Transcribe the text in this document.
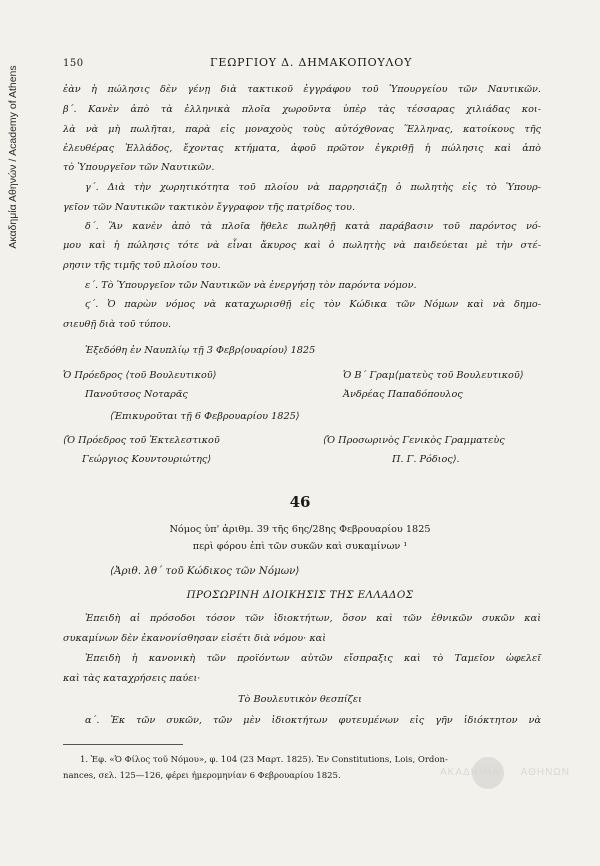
Ακαδημία Αθηνών / Academy of Athens
150	ΓΕΩΡΓΙΟΥ Δ. ΔΗΜΑΚΟΠΟΥΛΟΥ
ἐὰν ἡ πώλησις δὲν γένῃ διὰ τακτικοῦ ἐγγράφου τοῦ Ὑπουργείου τῶν Ναυτικῶν.
β΄. Κανὲν ἀπὸ τὰ ἑλληνικὰ πλοῖα χωροῦντα ὑπὲρ τὰς τέσσαρας χιλιάδας κοι-
λὰ νὰ μὴ πωλῆται, παρὰ εἰς μοναχοὺς τοὺς αὐτόχθονας Ἕλληνας, κατοίκους τῆς
ἐλευθέρας Ἑλλάδος, ἔχοντας κτήματα, ἀφοῦ πρῶτον ἐγκριθῇ ἡ πώλησις καὶ ἀπὸ
τὸ Ὑπουργεῖον τῶν Ναυτικῶν.
γ΄. Διὰ τὴν χωρητικότητα τοῦ πλοίου νὰ παρρησιάζῃ ὁ πωλητὴς εἰς τὸ Ὑπουρ-
γεῖον τῶν Ναυτικῶν τακτικὸν ἔγγραφον τῆς πατρίδος του.
δ΄. Ἂν κανὲν ἀπὸ τὰ πλοῖα ἤθελε πωληθῇ κατὰ παράβασιν τοῦ παρόντος νό-
μου καὶ ἡ πώλησις τότε νὰ εἶναι ἄκυρος καὶ ὁ πωλητὴς νὰ παιδεύεται μὲ τὴν στέ-
ρησιν τῆς τιμῆς τοῦ πλοίου του.
ε΄. Τὸ Ὑπουργεῖον τῶν Ναυτικῶν νὰ ἐνεργήσῃ τὸν παρόντα νόμον.
ϛ΄. Ὁ παρὼν νόμος νὰ καταχωρισθῇ εἰς τὸν Κώδικα τῶν Νόμων καὶ νὰ δημο-
σιευθῇ διὰ τοῦ τύπου.
Ἐξεδόθη ἐν Ναυπλίῳ τῇ 3 Φεβρ⟨ουαρίου⟩ 1825
Ὁ Πρόεδρος ⟨τοῦ Βουλευτικοῦ⟩
Πανοῦτσος Νοταρᾶς
Ὁ Β΄ Γραμ⟨ματεὺς τοῦ Βουλευτικοῦ⟩
Ἀνδρέας Παπαδόπουλος
⟨Ἐπικυροῦται τῇ 6 Φεβρουαρίου 1825⟩
⟨Ὁ Πρόεδρος τοῦ Ἐκτελεστικοῦ
Γεώργιος Κουντουριώτης⟩
⟨Ὁ Προσωρινὸς Γενικὸς Γραμματεὺς
Π. Γ. Ρόδιος⟩.
46
Νόμος ὑπ' ἀριθμ. 39 τῆς 6ης/28ης Φεβρουαρίου 1825
περὶ φόρου ἐπὶ τῶν συκῶν καὶ συκαμίνων ¹
⟨Ἀριθ. λθ΄ τοῦ Κώδικος τῶν Νόμων⟩
ΠΡΟΣΩΡΙΝΗ ΔΙΟΙΚΗΣΙΣ ΤΗΣ ΕΛΛΑΔΟΣ
Ἐπειδὴ αἱ πρόσοδοι τόσον τῶν ἰδιοκτήτων, ὅσον καὶ τῶν ἐθνικῶν συκῶν καὶ
συκαμίνων δὲν ἐκανονίσθησαν εἰσέτι διὰ νόμου· καὶ
Ἐπειδὴ ἡ κανονικὴ τῶν προϊόντων αὐτῶν εἴσπραξις καὶ τὸ Ταμεῖον ὠφελεῖ
καὶ τὰς καταχρήσεις παύει·
Τὸ Βουλευτικὸν θεσπίζει
α΄. Ἐκ τῶν συκῶν, τῶν μὲν ἰδιοκτήτων φυτευμένων εἰς γῆν ἰδιόκτητον νὰ
1. Ἐφ. «Ὁ Φίλος τοῦ Νόμου», φ. 104 (23 Μαρτ. 1825). Ἐν Constitutions, Lois, Ordon-
nances, σελ. 125—126, φέρει ἡμερομηνίαν 6 Φεβρουαρίου 1825.	ΑΚΑΔΗΜΙΑ ΑΘΗΝΩΝ
